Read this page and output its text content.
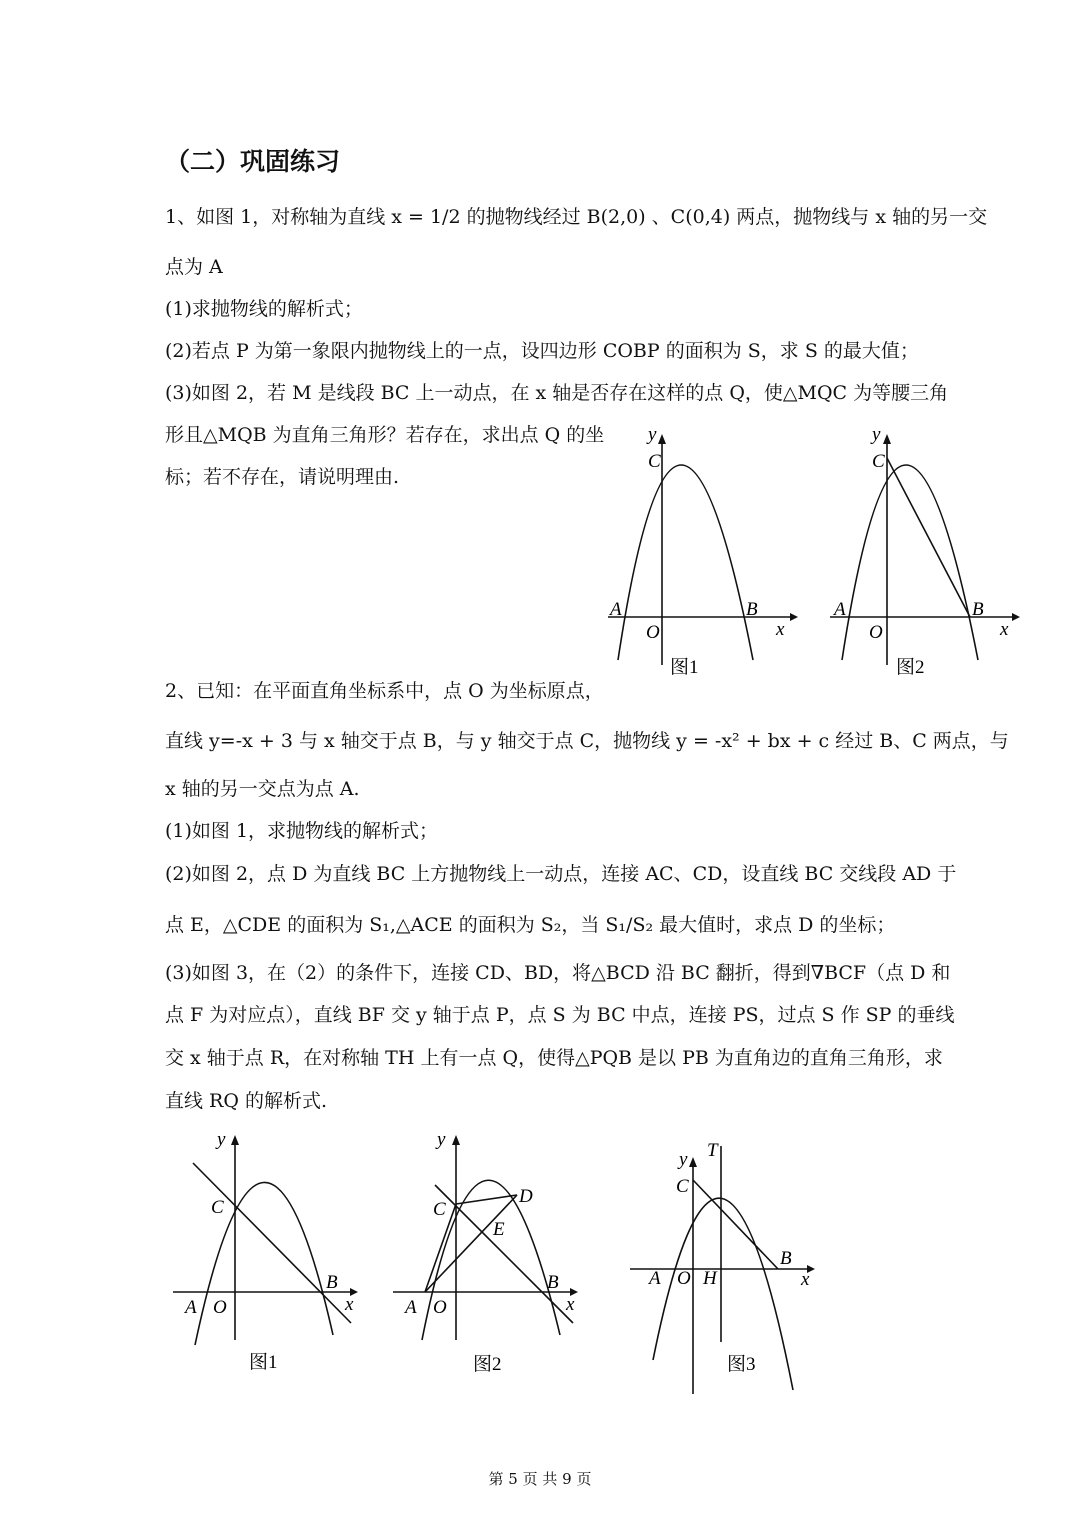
（二）巩固练习
1、如图 1，对称轴为直线 x = 1/2 的抛物线经过 B(2,0) 、C(0,4) 两点，抛物线与 x 轴的另一交
点为 A
(1)求抛物线的解析式；
(2)若点 P 为第一象限内抛物线上的一点，设四边形 COBP 的面积为 S，求 S 的最大值；
(3)如图 2，若 M 是线段 BC 上一动点，在 x 轴是否存在这样的点 Q，使△MQC 为等腰三角
形且△MQB 为直角三角形？若存在，求出点 Q 的坐
标；若不存在，请说明理由.
y
C
A
O
B
x
图1
y
C
A
O
B
x
图2
2、已知：在平面直角坐标系中，点 O 为坐标原点，
直线 y=-x + 3 与 x 轴交于点 B，与 y 轴交于点 C，抛物线 y = -x² + bx + c 经过 B、C 两点，与
x 轴的另一交点为点 A.
(1)如图 1，求抛物线的解析式；
(2)如图 2，点 D 为直线 BC 上方抛物线上一动点，连接 AC、CD，设直线 BC 交线段 AD 于
点 E，△CDE 的面积为 S₁,△ACE 的面积为 S₂，当 S₁/S₂ 最大值时，求点 D 的坐标；
(3)如图 3，在（2）的条件下，连接 CD、BD，将△BCD 沿 BC 翻折，得到∇BCF（点 D 和
点 F 为对应点），直线 BF 交 y 轴于点 P，点 S 为 BC 中点，连接 PS，过点 S 作 SP 的垂线
交 x 轴于点 R，在对称轴 TH 上有一点 Q，使得△PQB 是以 PB 为直角边的直角三角形，求
直线 RQ 的解析式.
y
C
A O
B
x
图1
y
C
D
E
A O
B
x
图2
y T
C
A O H
B
x
图3
第 5 页 共 9 页
